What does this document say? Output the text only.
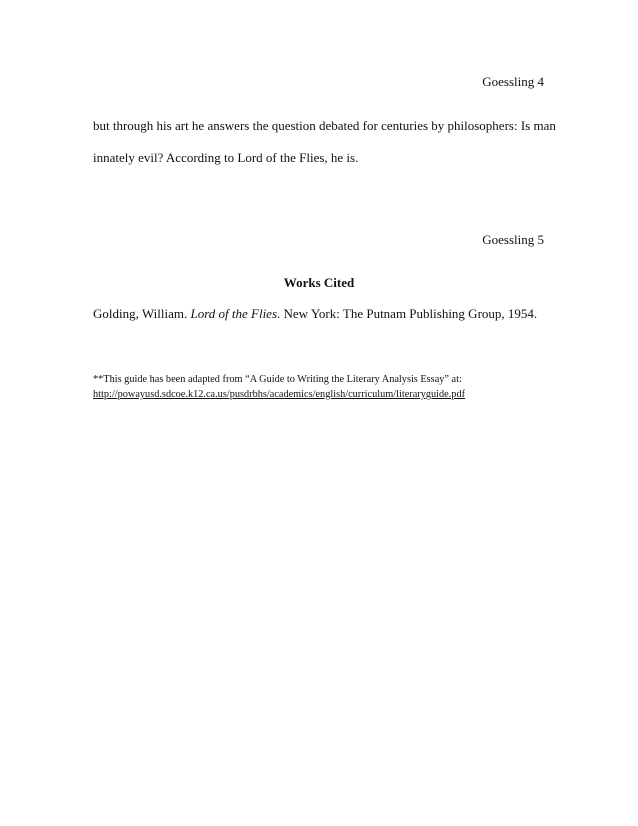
Goessling 4
but through his art he answers the question debated for centuries by philosophers: Is man
innately evil? According to Lord of the Flies, he is.
Goessling 5
Works Cited
Golding, William. Lord of the Flies. New York: The Putnam Publishing Group, 1954.
**This guide has been adapted from “A Guide to Writing the Literary Analysis Essay” at:
http://powayusd.sdcoe.k12.ca.us/pusdrbhs/academics/english/curriculum/literaryguide.pdf
